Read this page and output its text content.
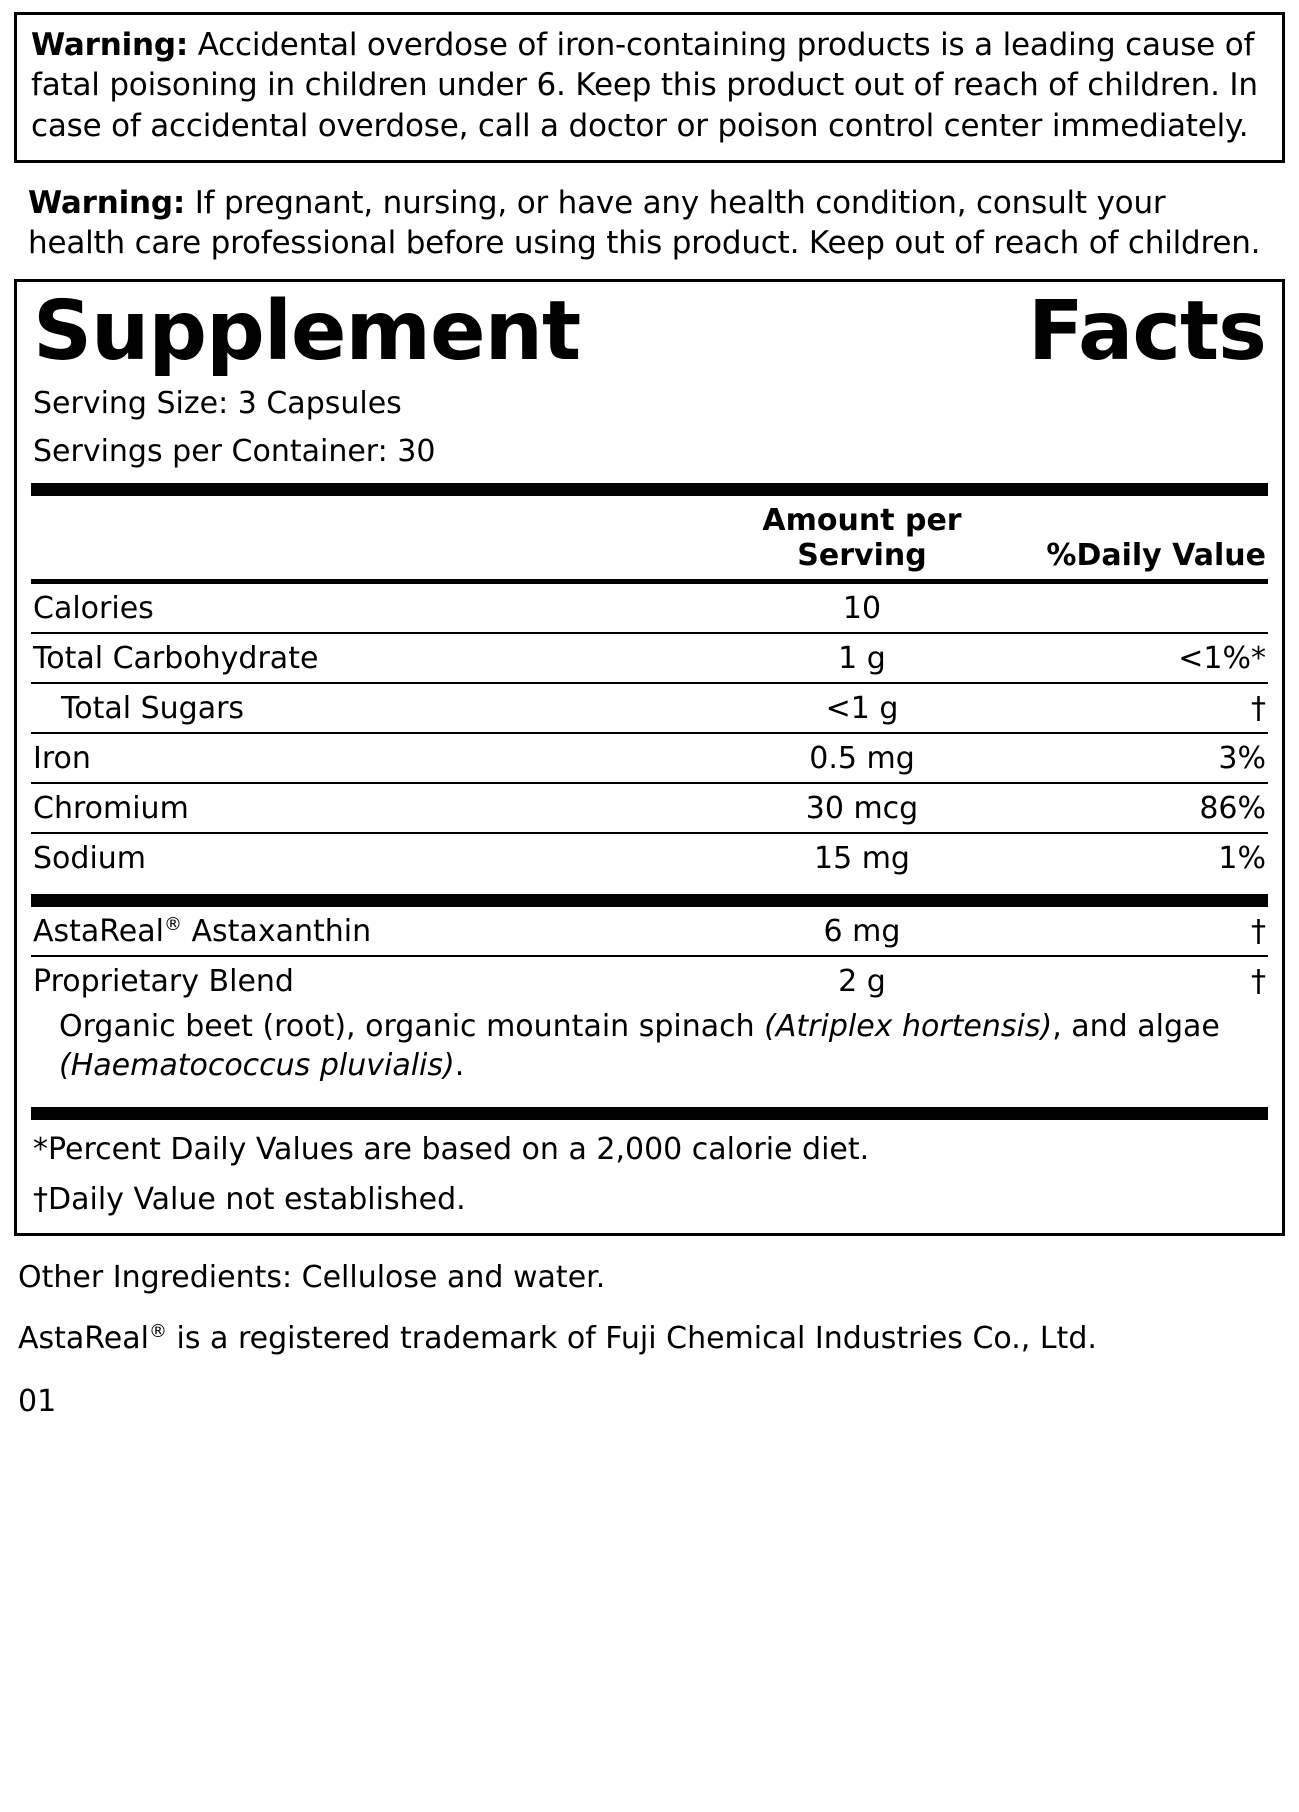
Warning: Accidental overdose of iron-containing products is a leading cause of fatal poisoning in children under 6. Keep this product out of reach of children. In case of accidental overdose, call a doctor or poison control center immediately.
Warning: If pregnant, nursing, or have any health condition, consult your health care professional before using this product. Keep out of reach of children.
Supplement	Facts
Serving Size: 3 Capsules
Servings per Container: 30
	Amount per Serving	%Daily Value
Calories	10	
Total Carbohydrate	1 g	<1%*
Total Sugars	<1 g	†
Iron	0.5 mg	3%
Chromium	30 mcg	86%
Sodium	15 mg	1%
AstaReal® Astaxanthin	6 mg	†
Proprietary Blend	2 g	†
Organic beet (root), organic mountain spinach (Atriplex hortensis), and algae (Haematococcus pluvialis).
*Percent Daily Values are based on a 2,000 calorie diet.
†Daily Value not established.
Other Ingredients: Cellulose and water.
AstaReal® is a registered trademark of Fuji Chemical Industries Co., Ltd.
01
